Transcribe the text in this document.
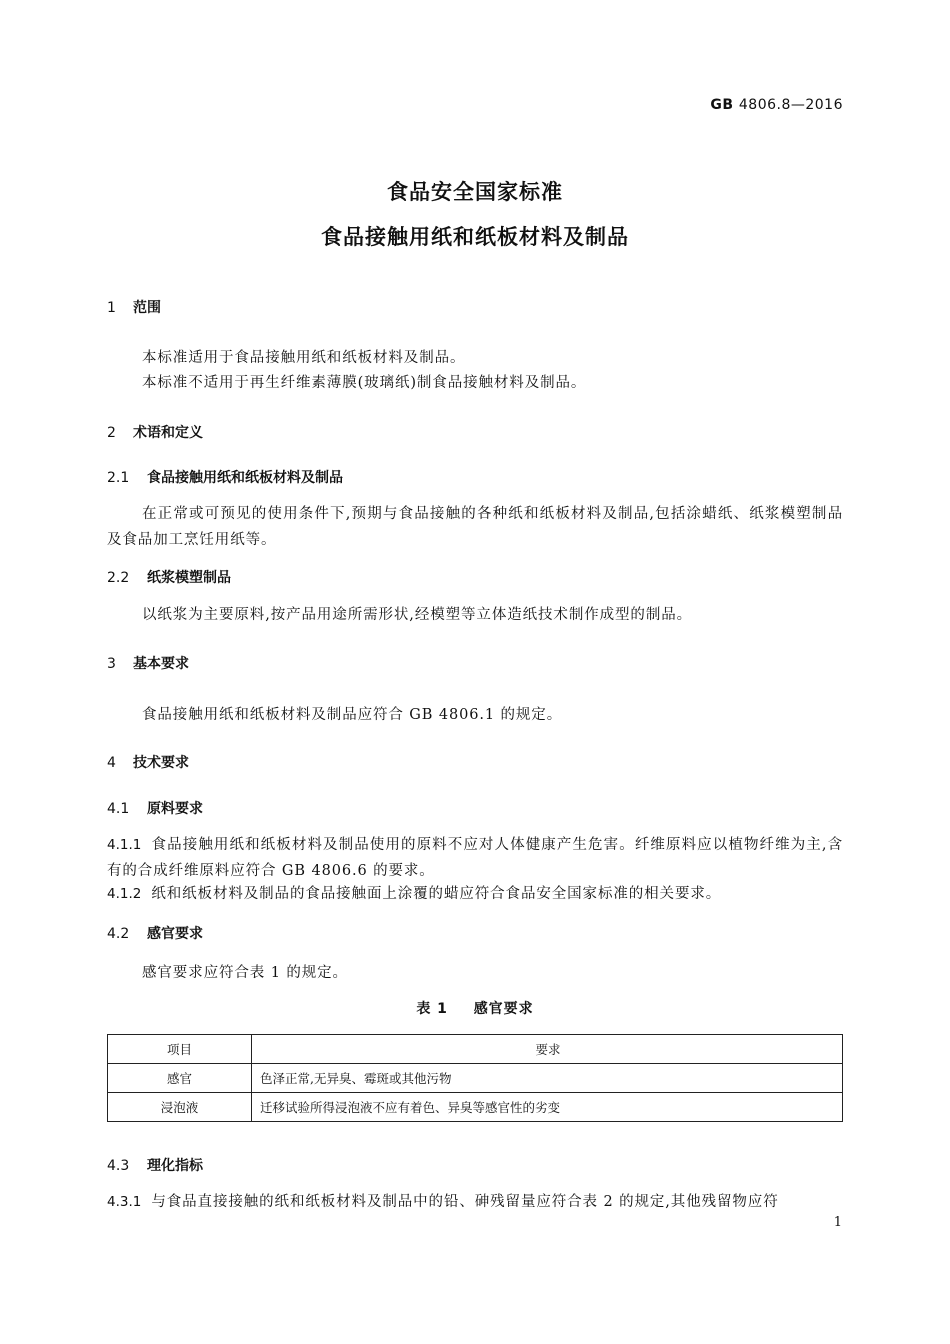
GB 4806.8—2016
食品安全国家标准
食品接触用纸和纸板材料及制品
1 范围
本标准适用于食品接触用纸和纸板材料及制品。
本标准不适用于再生纤维素薄膜(玻璃纸)制食品接触材料及制品。
2 术语和定义
2.1 食品接触用纸和纸板材料及制品
在正常或可预见的使用条件下,预期与食品接触的各种纸和纸板材料及制品,包括涂蜡纸、纸浆模塑制品及食品加工烹饪用纸等。
2.2 纸浆模塑制品
以纸浆为主要原料,按产品用途所需形状,经模塑等立体造纸技术制作成型的制品。
3 基本要求
食品接触用纸和纸板材料及制品应符合 GB 4806.1 的规定。
4 技术要求
4.1 原料要求
4.1.1 食品接触用纸和纸板材料及制品使用的原料不应对人体健康产生危害。纤维原料应以植物纤维为主,含有的合成纤维原料应符合 GB 4806.6 的要求。
4.1.2 纸和纸板材料及制品的食品接触面上涂覆的蜡应符合食品安全国家标准的相关要求。
4.2 感官要求
感官要求应符合表 1 的规定。
表 1 感官要求
项目	要求
感官	色泽正常,无异臭、霉斑或其他污物
浸泡液	迁移试验所得浸泡液不应有着色、异臭等感官性的劣变
4.3 理化指标
4.3.1 与食品直接接触的纸和纸板材料及制品中的铅、砷残留量应符合表 2 的规定,其他残留物应符
1
